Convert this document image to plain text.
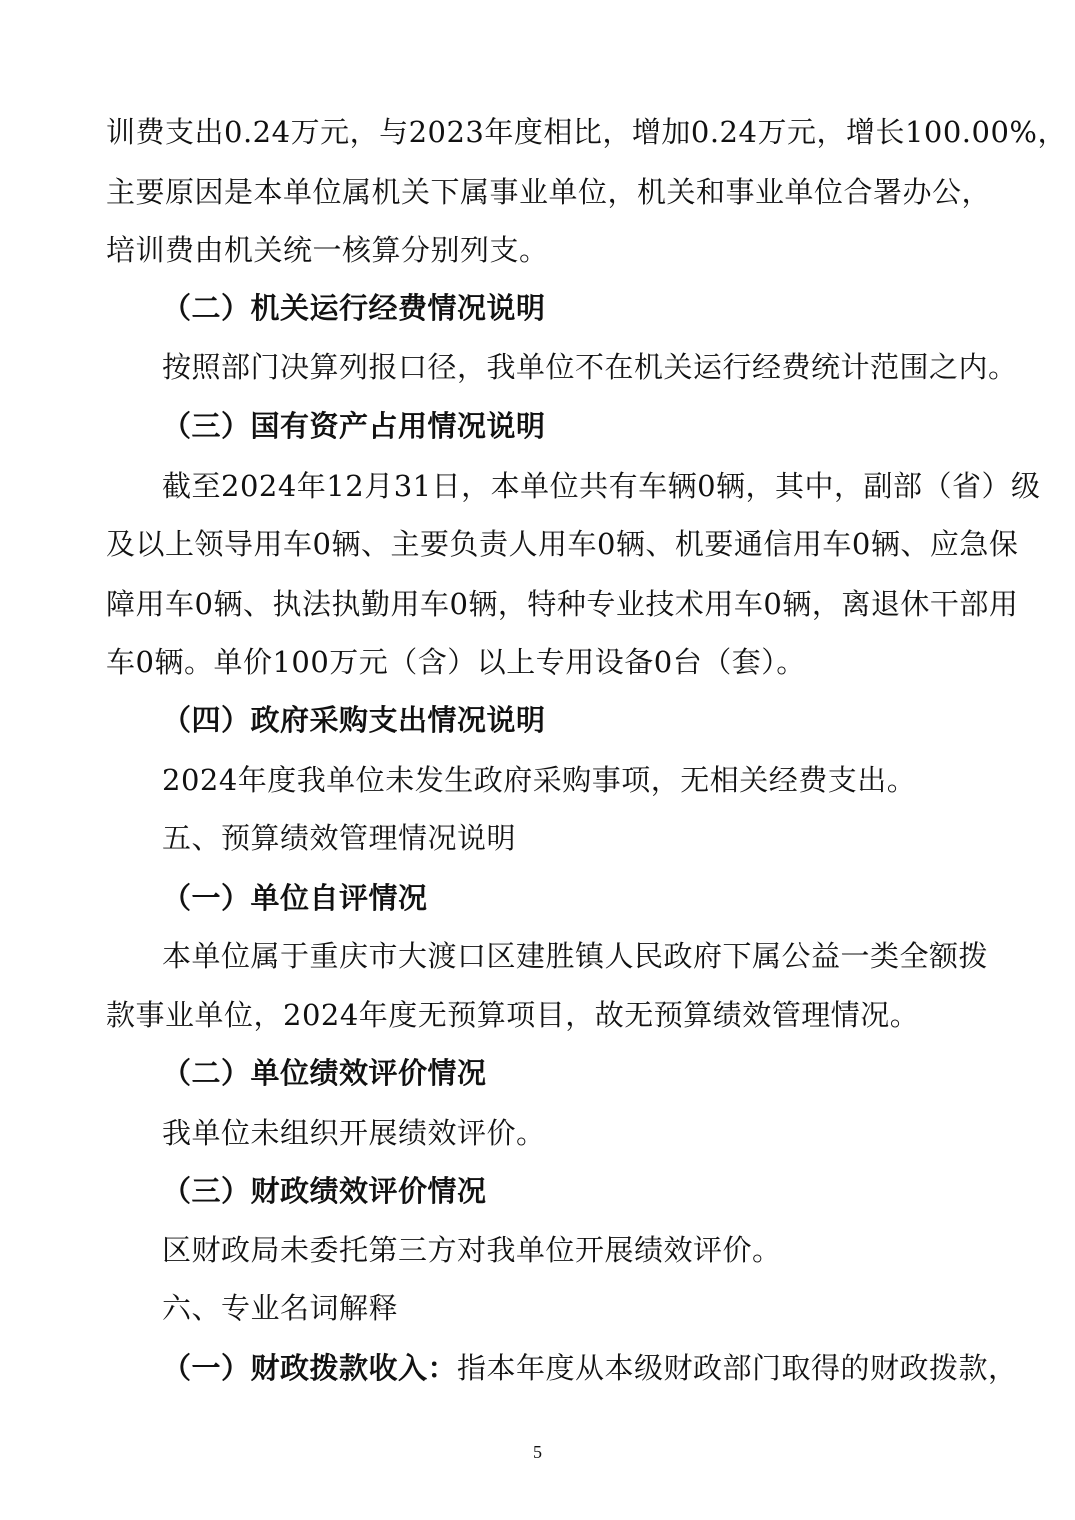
训费支出0.24万元，与2023年度相比，增加0.24万元，增长100.00%，
主要原因是本单位属机关下属事业单位，机关和事业单位合署办公，
培训费由机关统一核算分别列支。
（二）机关运行经费情况说明
按照部门决算列报口径，我单位不在机关运行经费统计范围之内。
（三）国有资产占用情况说明
截至2024年12月31日，本单位共有车辆0辆，其中，副部（省）级
及以上领导用车0辆、主要负责人用车0辆、机要通信用车0辆、应急保
障用车0辆、执法执勤用车0辆，特种专业技术用车0辆，离退休干部用
车0辆。单价100万元（含）以上专用设备0台（套）。
（四）政府采购支出情况说明
2024年度我单位未发生政府采购事项，无相关经费支出。
五、预算绩效管理情况说明
（一）单位自评情况
本单位属于重庆市大渡口区建胜镇人民政府下属公益一类全额拨
款事业单位，2024年度无预算项目，故无预算绩效管理情况。
（二）单位绩效评价情况
我单位未组织开展绩效评价。
（三）财政绩效评价情况
区财政局未委托第三方对我单位开展绩效评价。
六、专业名词解释
（一）财政拨款收入：指本年度从本级财政部门取得的财政拨款，
5
